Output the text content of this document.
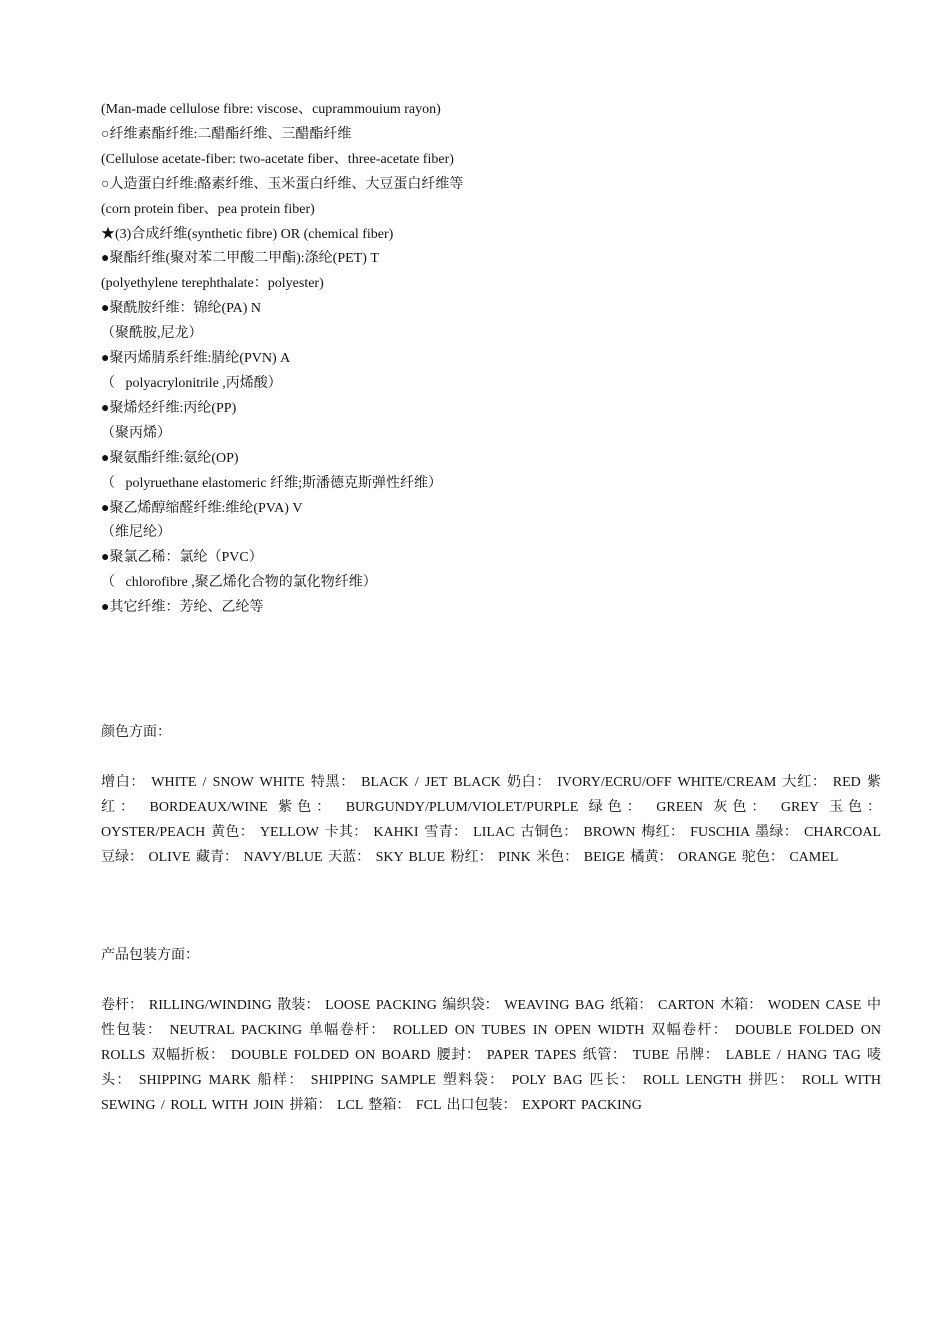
(Man-made cellulose fibre: viscose、cuprammouium rayon)

○纤维素酯纤维:二醋酯纤维、三醋酯纤维

(Cellulose acetate-fiber: two-acetate fiber、three-acetate fiber)

○人造蛋白纤维:酪素纤维、玉米蛋白纤维、大豆蛋白纤维等

(corn protein fiber、pea protein fiber)

★(3)合成纤维(synthetic fibre) OR (chemical fiber)

●聚酯纤维(聚对苯二甲酸二甲酯):涤纶(PET) T

(polyethylene terephthalate：polyester)

●聚酰胺纤维：锦纶(PA) N

（聚酰胺,尼龙）

●聚丙烯腈系纤维:腈纶(PVN) A

（   polyacrylonitrile ,丙烯酸）

●聚烯烃纤维:丙纶(PP)

（聚丙烯）

●聚氨酯纤维:氨纶(OP)

（   polyruethane elastomeric 纤维;斯潘德克斯弹性纤维）

●聚乙烯醇缩醛纤维:维纶(PVA) V

（维尼纶）

●聚氯乙稀：氯纶（PVC）

（   chlorofibre ,聚乙烯化合物的氯化物纤维）

●其它纤维：芳纶、乙纶等

颜色方面：

增白： WHITE / SNOW WHITE 特黑： BLACK / JET BLACK 奶白： IVORY/ECRU/OFF WHITE/CREAM 大红： RED 紫红： BORDEAUX/WINE 紫色： BURGUNDY/PLUM/VIOLET/PURPLE 绿色： GREEN 灰色： GREY 玉色： OYSTER/PEACH 黄色： YELLOW 卡其： KAHKI 雪青： LILAC 古铜色： BROWN 梅红： FUSCHIA 墨绿： CHARCOAL 豆绿： OLIVE 藏青： NAVY/BLUE 天蓝： SKY BLUE 粉红： PINK 米色： BEIGE 橘黄： ORANGE 驼色： CAMEL

产品包装方面：

卷杆： RILLING/WINDING 散装： LOOSE PACKING 编织袋： WEAVING BAG 纸箱： CARTON 木箱： WODEN CASE 中性包装： NEUTRAL PACKING 单幅卷杆： ROLLED ON TUBES IN OPEN WIDTH 双幅卷杆： DOUBLE FOLDED ON ROLLS 双幅折板： DOUBLE FOLDED ON BOARD 腰封： PAPER TAPES 纸管： TUBE 吊牌： LABLE / HANG TAG 唛头： SHIPPING MARK 船样： SHIPPING SAMPLE 塑料袋： POLY BAG 匹长： ROLL LENGTH 拼匹： ROLL WITH SEWING / ROLL WITH JOIN 拼箱： LCL 整箱： FCL 出口包装： EXPORT PACKING
